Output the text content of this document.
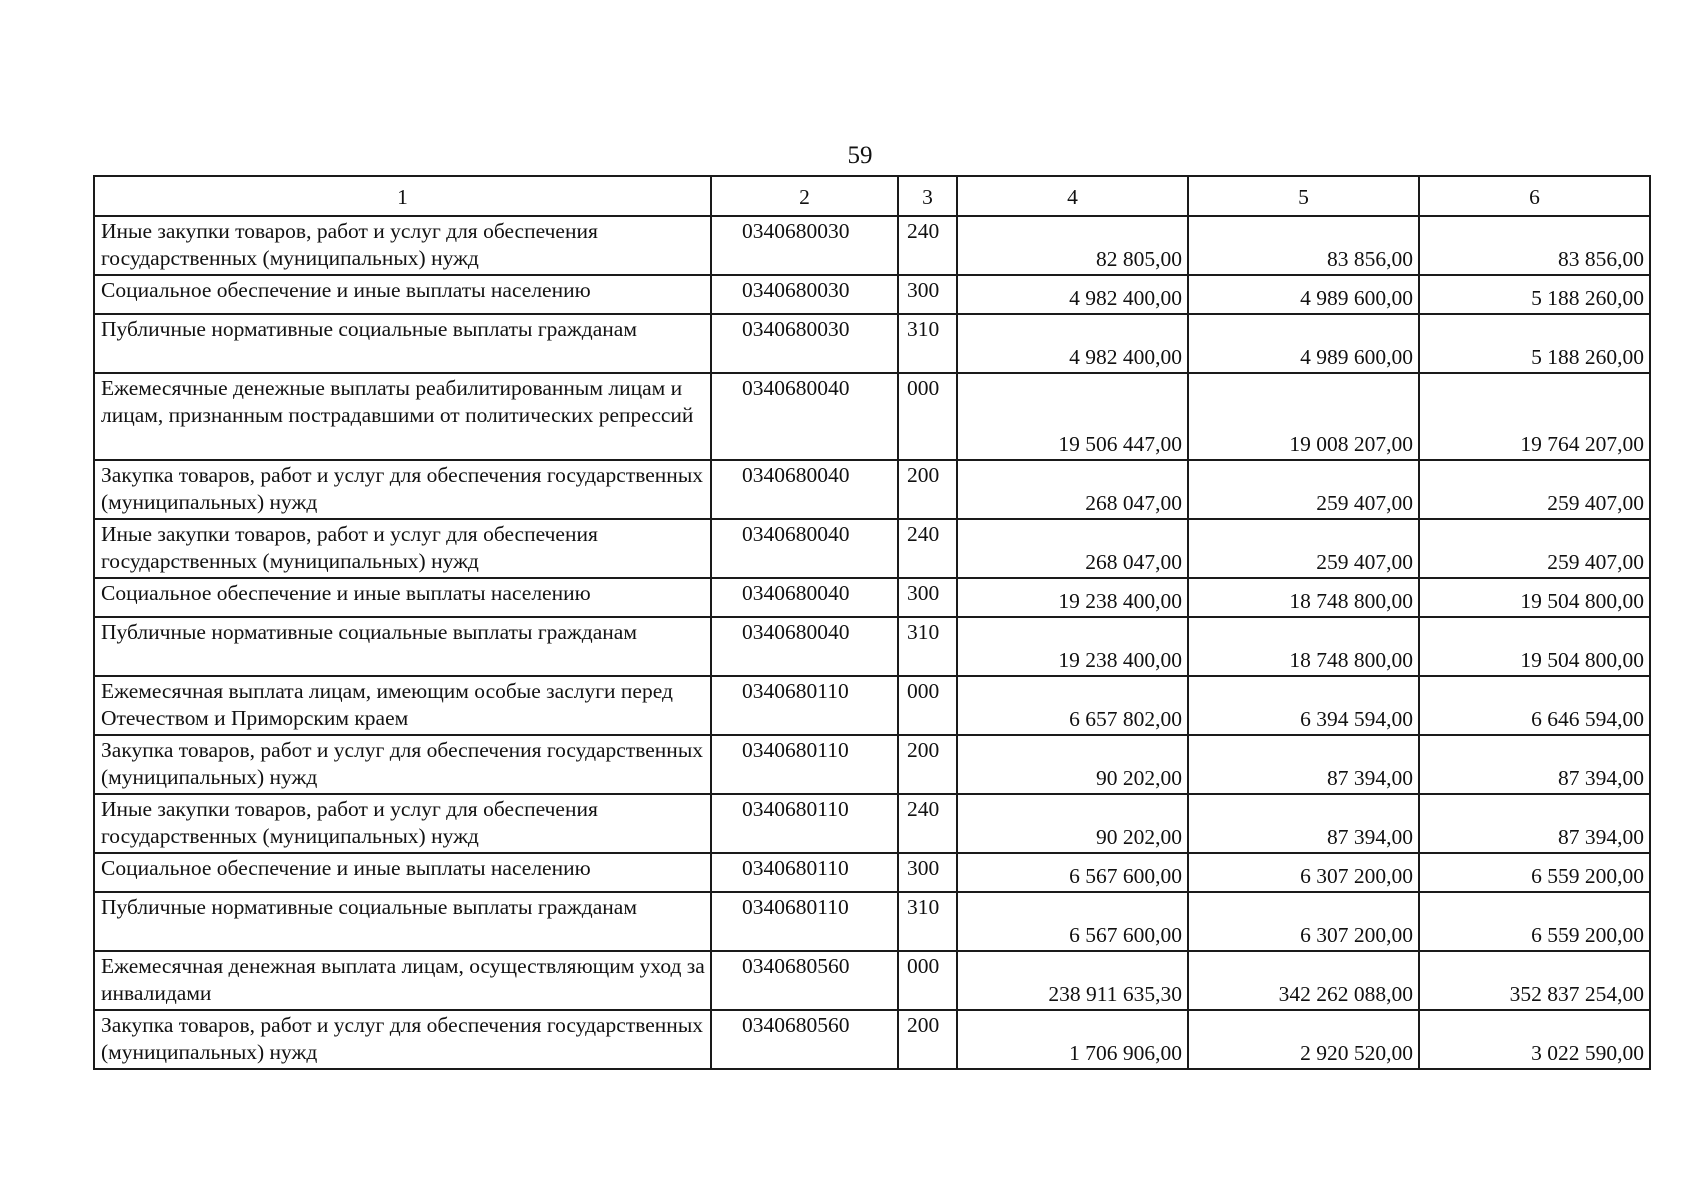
59
1	2	3	4	5	6
Иные закупки товаров, работ и услуг для обеспечения государственных (муниципальных) нужд	0340680030	240	82 805,00	83 856,00	83 856,00
Социальное обеспечение и иные выплаты населению	0340680030	300	4 982 400,00	4 989 600,00	5 188 260,00
Публичные нормативные социальные выплаты гражданам	0340680030	310	4 982 400,00	4 989 600,00	5 188 260,00
Ежемесячные денежные выплаты реабилитированным лицам и лицам, признанным пострадавшими от политических репрессий	0340680040	000	19 506 447,00	19 008 207,00	19 764 207,00
Закупка товаров, работ и услуг для обеспечения государственных (муниципальных) нужд	0340680040	200	268 047,00	259 407,00	259 407,00
Иные закупки товаров, работ и услуг для обеспечения государственных (муниципальных) нужд	0340680040	240	268 047,00	259 407,00	259 407,00
Социальное обеспечение и иные выплаты населению	0340680040	300	19 238 400,00	18 748 800,00	19 504 800,00
Публичные нормативные социальные выплаты гражданам	0340680040	310	19 238 400,00	18 748 800,00	19 504 800,00
Ежемесячная выплата лицам, имеющим особые заслуги перед Отечеством и Приморским краем	0340680110	000	6 657 802,00	6 394 594,00	6 646 594,00
Закупка товаров, работ и услуг для обеспечения государственных (муниципальных) нужд	0340680110	200	90 202,00	87 394,00	87 394,00
Иные закупки товаров, работ и услуг для обеспечения государственных (муниципальных) нужд	0340680110	240	90 202,00	87 394,00	87 394,00
Социальное обеспечение и иные выплаты населению	0340680110	300	6 567 600,00	6 307 200,00	6 559 200,00
Публичные нормативные социальные выплаты гражданам	0340680110	310	6 567 600,00	6 307 200,00	6 559 200,00
Ежемесячная денежная выплата лицам, осуществляющим уход за инвалидами	0340680560	000	238 911 635,30	342 262 088,00	352 837 254,00
Закупка товаров, работ и услуг для обеспечения государственных (муниципальных) нужд	0340680560	200	1 706 906,00	2 920 520,00	3 022 590,00
